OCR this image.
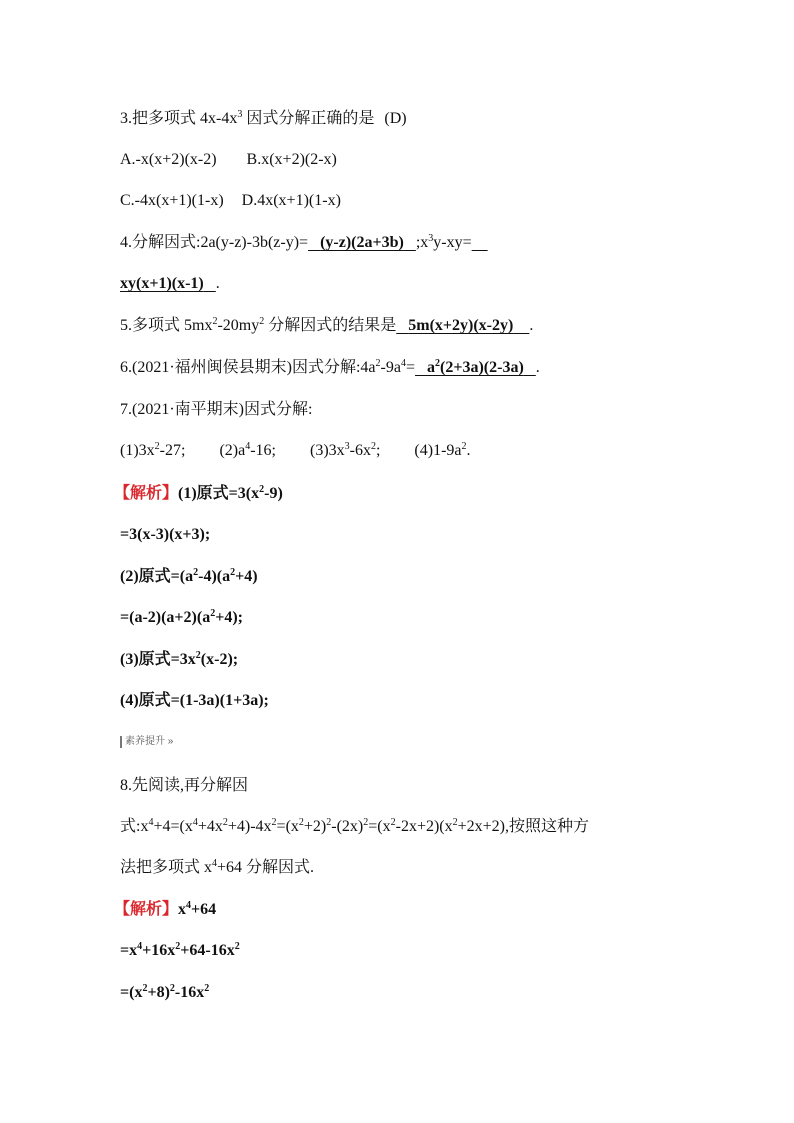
3.把多项式 $4x-4x^3$ 因式分解正确的是 (D)
A.-x(x+2)(x-2) B.x(x+2)(2-x)
C.-4x(x+1)(1-x) D.4x(x+1)(1-x)
4.分解因式:2a(y-z)-3b(z-y)= (y-z)(2a+3b) $;x^3y-xy=$
xy(x+1)(x-1) .
5.多项式 $5mx^2-20my^2$ 分解因式的结果是 5m(x+2y)(x-2y) .
6.(2021·福州闽侯县期末)因式分解$:4a^2-9a^4= a^2(2+3a)(2-3a)$ .
7.(2021·南平期末)因式分解:
$(1)3x^2-27$; $(2)a^4-16$; $(3)3x^3-6x^2$; $(4)1-9a^2$.
【解析】(1)原式$=3(x^2-9)$
=3(x-3)(x+3);
(2)原式$=(a^2-4)(a^2+4)$
$=(a-2)(a+2)(a^2+4)$;
(3)原式$=3x^2(x-2)$;
(4)原式=(1-3a)(1+3a);
素养提升 »
8.先阅读,再分解因
式$:x^4+4=(x^4+4x^2+4)-4x^2=(x^2+2)^2-(2x)^2=(x^2-2x+2)(x^2+2x+2)$,按照这种方
法把多项式 $x^4+64$ 分解因式.
【解析】$x^4+64$
$=x^4+16x^2+64-16x^2$
$=(x^2+8)^2-16x^2$
